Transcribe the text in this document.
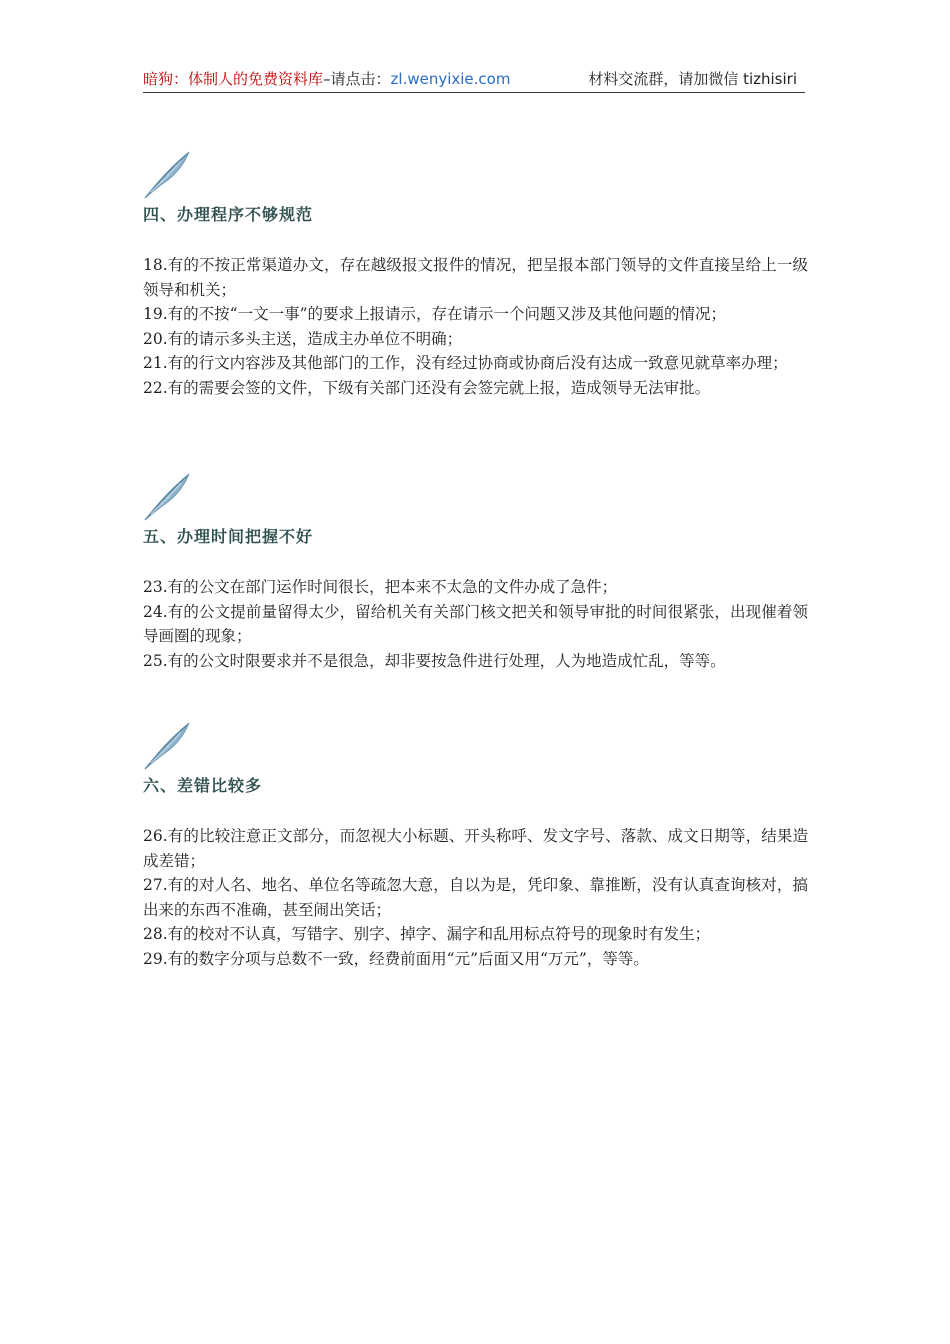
暗狗：体制人的免费资料库–请点击：zl.wenyixie.com	材料交流群，请加微信 tizhisiri
四、办理程序不够规范
18.有的不按正常渠道办文，存在越级报文报件的情况，把呈报本部门领导的文件直接呈给上一级领导和机关；
19.有的不按“一文一事”的要求上报请示，存在请示一个问题又涉及其他问题的情况；
20.有的请示多头主送，造成主办单位不明确；
21.有的行文内容涉及其他部门的工作，没有经过协商或协商后没有达成一致意见就草率办理；
22.有的需要会签的文件，下级有关部门还没有会签完就上报，造成领导无法审批。
五、办理时间把握不好
23.有的公文在部门运作时间很长，把本来不太急的文件办成了急件；
24.有的公文提前量留得太少，留给机关有关部门核文把关和领导审批的时间很紧张，出现催着领导画圈的现象；
25.有的公文时限要求并不是很急，却非要按急件进行处理，人为地造成忙乱，等等。
六、差错比较多
26.有的比较注意正文部分，而忽视大小标题、开头称呼、发文字号、落款、成文日期等，结果造成差错；
27.有的对人名、地名、单位名等疏忽大意，自以为是，凭印象、靠推断，没有认真查询核对，搞出来的东西不准确，甚至闹出笑话；
28.有的校对不认真，写错字、别字、掉字、漏字和乱用标点符号的现象时有发生；
29.有的数字分项与总数不一致，经费前面用“元”后面又用“万元”，等等。
